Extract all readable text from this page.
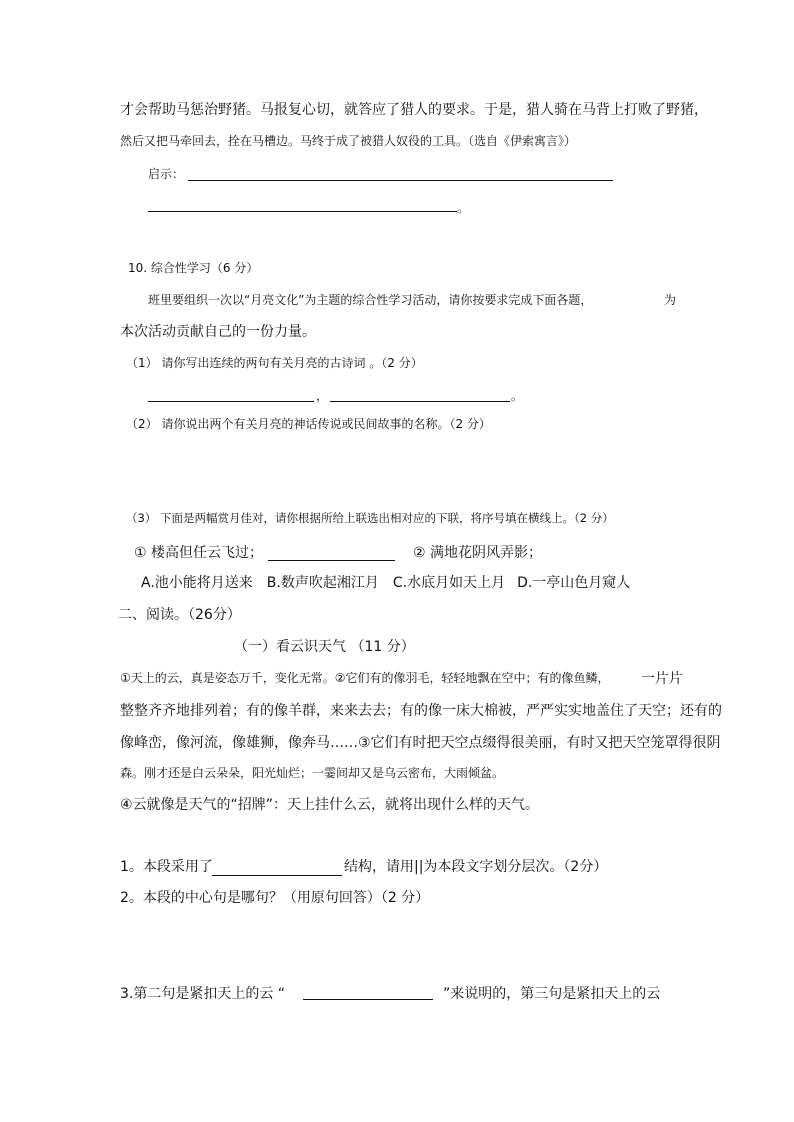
才会帮助马惩治野猪。马报复心切，就答应了猎人的要求。于是，猎人骑在马背上打败了野猪，
然后又把马牵回去，拴在马槽边。马终于成了被猎人奴役的工具。（选自《伊索寓言》）
启示：
。
10. 综合性学习（6 分）
班里要组织一次以“月亮文化”为主题的综合性学习活动，请你按要求完成下面各题，	为
本次活动贡献自己的一份力量。
（1） 请你写出连续的两句有关月亮的古诗词 。（2 分）
，	。
（2） 请你说出两个有关月亮的神话传说或民间故事的名称。（2 分）
（3） 下面是两幅赏月佳对，请你根据所给上联选出相对应的下联，将序号填在横线上。（2 分）
① 楼高但任云飞过；	② 满地花阴风弄影；
A.池小能将月送来 B.数声吹起湘江月 C.水底月如天上月 D.一亭山色月窥人
二、阅读。（26分）
（一）看云识天气 （11 分）
①天上的云，真是姿态万千，变化无常。②它们有的像羽毛，轻轻地飘在空中；有的像鱼鳞， 一片片
整整齐齐地排列着；有的像羊群，来来去去；有的像一床大棉被，严严实实地盖住了天空；还有的
像峰峦，像河流，像雄狮，像奔马……③它们有时把天空点缀得很美丽，有时又把天空笼罩得很阴
森。刚才还是白云朵朵，阳光灿烂；一霎间却又是乌云密布，大雨倾盆。
④云就像是天气的“招牌”：天上挂什么云，就将出现什么样的天气。
1。本段采用了	结构，请用||为本段文字划分层次。（2分）
2。本段的中心句是哪句？（用原句回答）（2 分）
3.第二句是紧扣天上的云 “	”来说明的，第三句是紧扣天上的云
